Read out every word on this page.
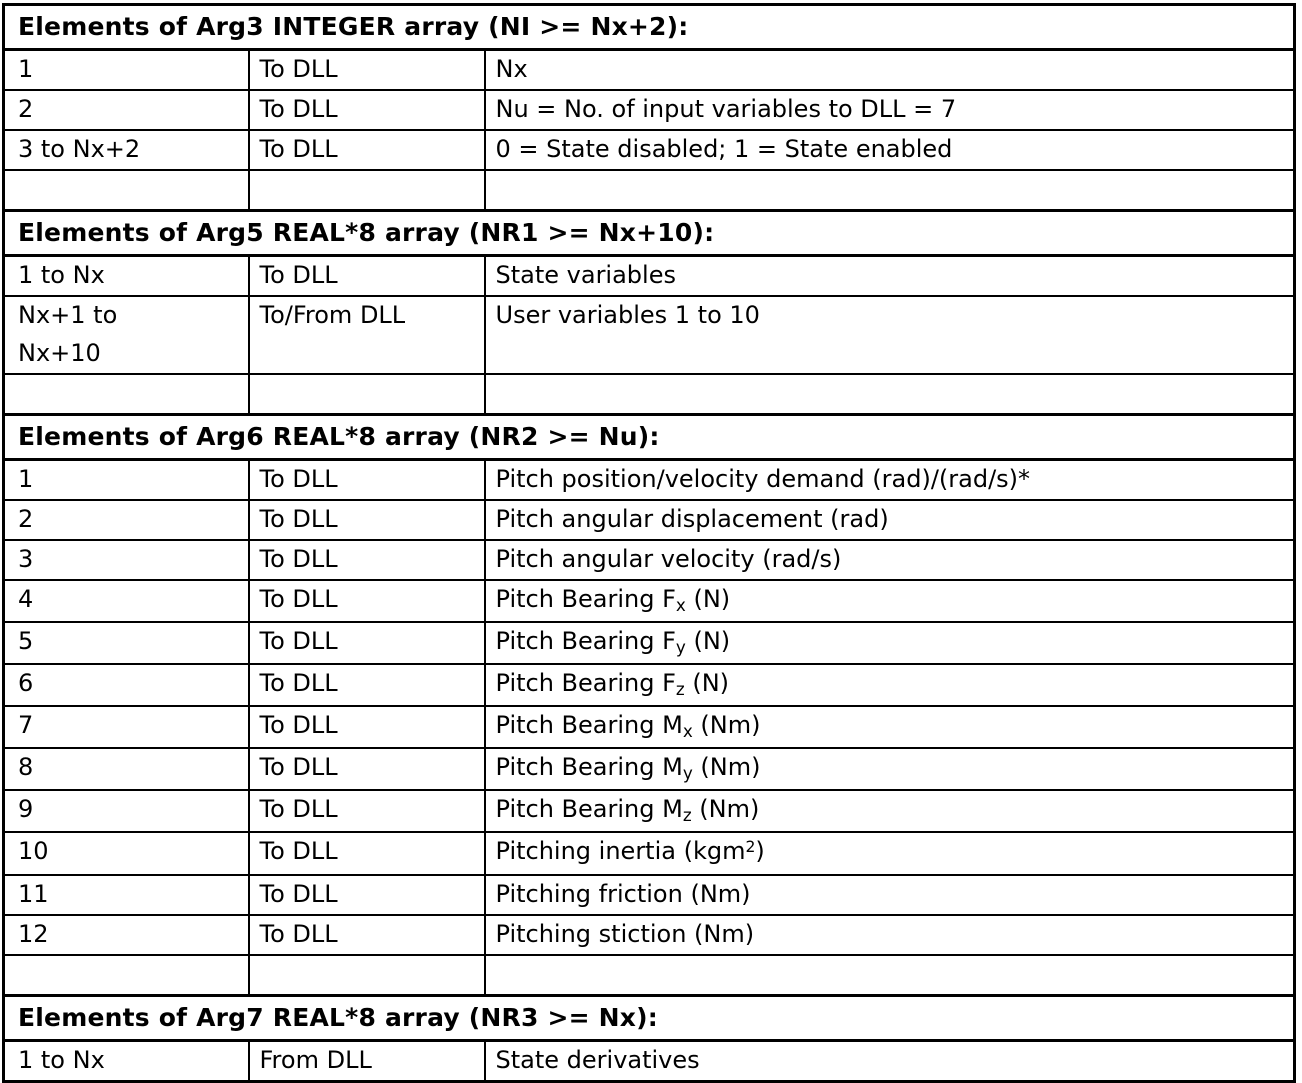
Elements of Arg3 INTEGER array (NI >= Nx+2):		
1	To DLL	Nx
2	To DLL	Nu = No. of input variables to DLL = 7
3 to Nx+2	To DLL	0 = State disabled; 1 = State enabled

Elements of Arg5 REAL*8 array (NR1 >= Nx+10):		
1 to Nx	To DLL	State variables
Nx+1 to
Nx+10	To/From DLL	User variables 1 to 10

Elements of Arg6 REAL*8 array (NR2 >= Nu):		
1	To DLL	Pitch position/velocity demand (rad)/(rad/s)*
2	To DLL	Pitch angular displacement (rad)
3	To DLL	Pitch angular velocity (rad/s)
4	To DLL	Pitch Bearing $F_x$ (N)
5	To DLL	Pitch Bearing $F_y$ (N)
6	To DLL	Pitch Bearing $F_z$ (N)
7	To DLL	Pitch Bearing $M_x$ (Nm)
8	To DLL	Pitch Bearing $M_y$ (Nm)
9	To DLL	Pitch Bearing $M_z$ (Nm)
10	To DLL	Pitching inertia (kgm$^2$)
11	To DLL	Pitching friction (Nm)
12	To DLL	Pitching stiction (Nm)

Elements of Arg7 REAL*8 array (NR3 >= Nx):		
1 to Nx	From DLL	State derivatives
